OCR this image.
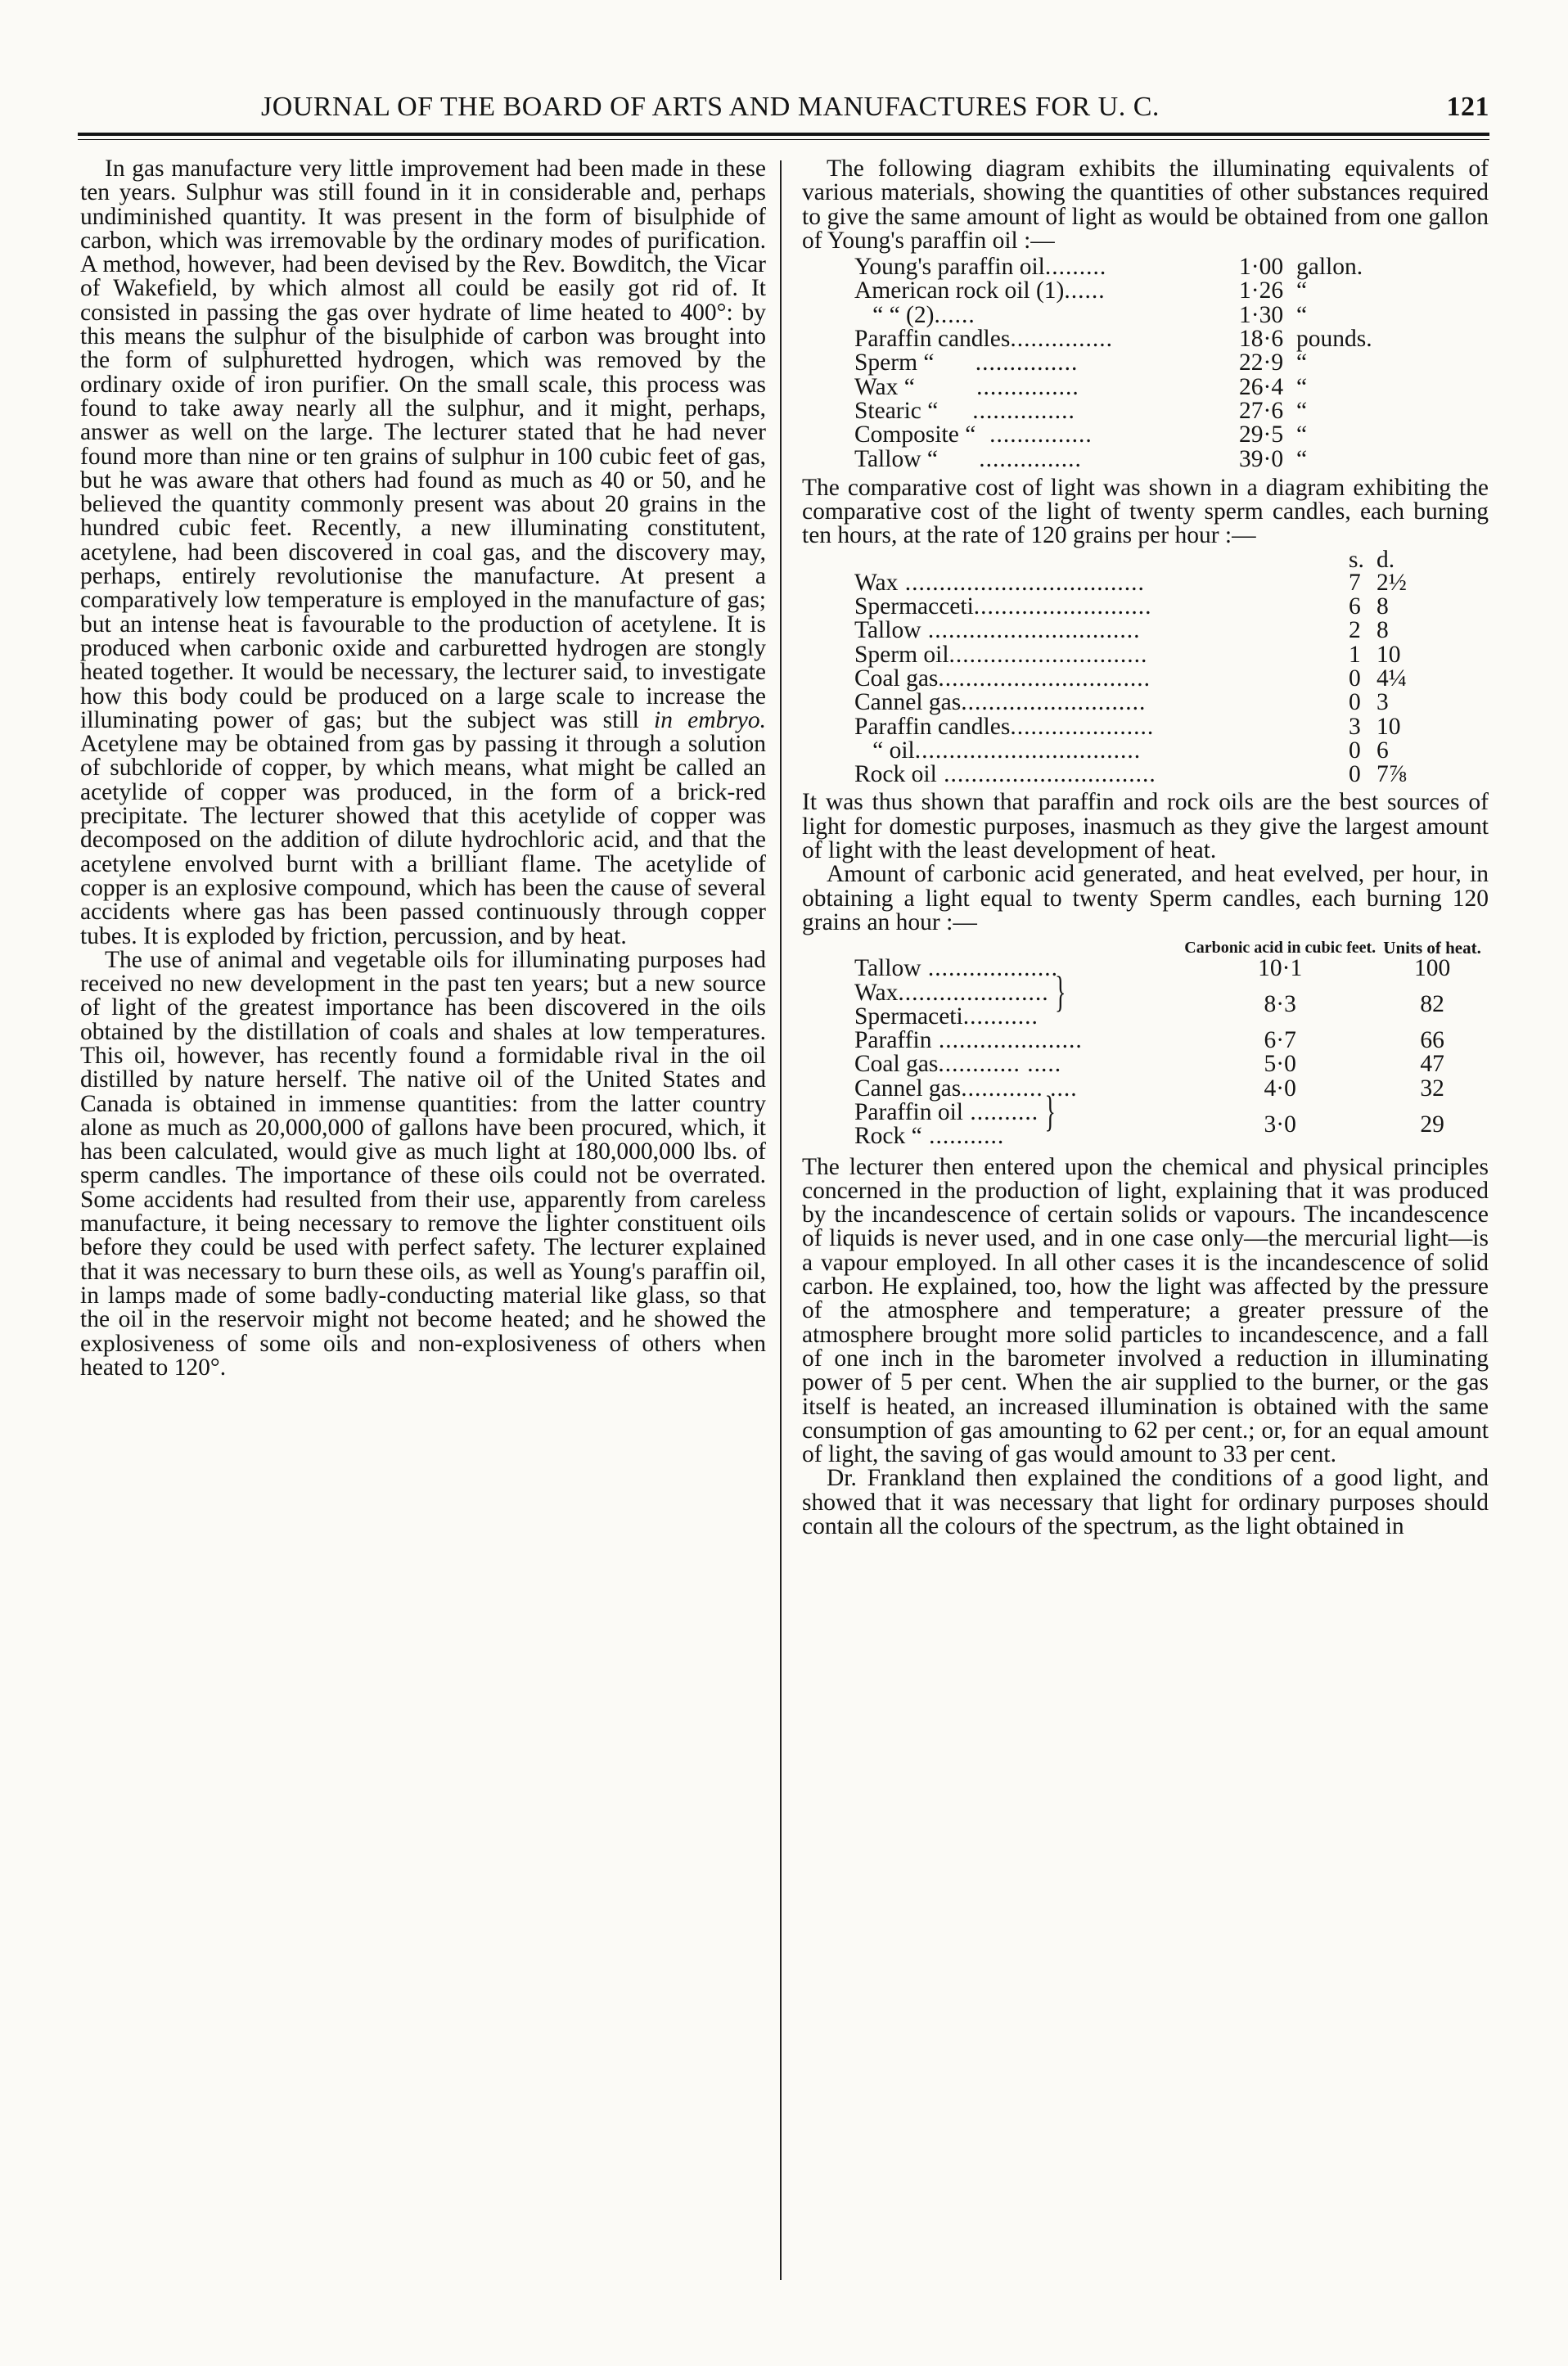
JOURNAL OF THE BOARD OF ARTS AND MANUFACTURES FOR U. C.	121

In gas manufacture very little improvement had been made in these ten years. Sulphur was still found in it in considerable and, perhaps undiminished quantity. It was present in the form of bisulphide of carbon, which was irremovable by the ordinary modes of purification. A method, however, had been devised by the Rev. Bowditch, the Vicar of Wakefield, by which almost all could be easily got rid of. It consisted in passing the gas over hydrate of lime heated to 400°: by this means the sulphur of the bisulphide of carbon was brought into the form of sulphuretted hydrogen, which was removed by the ordinary oxide of iron purifier. On the small scale, this process was found to take away nearly all the sulphur, and it might, perhaps, answer as well on the large. The lecturer stated that he had never found more than nine or ten grains of sulphur in 100 cubic feet of gas, but he was aware that others had found as much as 40 or 50, and he believed the quantity commonly present was about 20 grains in the hundred cubic feet. Recently, a new illuminating constitutent, acetylene, had been discovered in coal gas, and the discovery may, perhaps, entirely revolutionise the manufacture. At present a comparatively low temperature is employed in the manufacture of gas; but an intense heat is favourable to the production of acetylene. It is produced when carbonic oxide and carburetted hydrogen are stongly heated together. It would be necessary, the lecturer said, to investigate how this body could be produced on a large scale to increase the illuminating power of gas; but the subject was still in embryo. Acetylene may be obtained from gas by passing it through a solution of subchloride of copper, by which means, what might be called an acetylide of copper was produced, in the form of a brick-red precipitate. The lecturer showed that this acetylide of copper was decomposed on the addition of dilute hydrochloric acid, and that the acetylene envolved burnt with a brilliant flame. The acetylide of copper is an explosive compound, which has been the cause of several accidents where gas has been passed continuously through copper tubes. It is exploded by friction, percussion, and by heat.

The use of animal and vegetable oils for illuminating purposes had received no new development in the past ten years; but a new source of light of the greatest importance has been discovered in the oils obtained by the distillation of coals and shales at low temperatures. This oil, however, has recently found a formidable rival in the oil distilled by nature herself. The native oil of the United States and Canada is obtained in immense quantities: from the latter country alone as much as 20,000,000 of gallons have been procured, which, it has been calculated, would give as much light at 180,000,000 lbs. of sperm candles. The importance of these oils could not be overrated. Some accidents had resulted from their use, apparently from careless manufacture, it being necessary to remove the lighter constituent oils before they could be used with perfect safety. The lecturer explained that it was necessary to burn these oils, as well as Young's paraffin oil, in lamps made of some badly-conducting material like glass, so that the oil in the reservoir might not become heated; and he showed the explosiveness of some oils and non-explosiveness of others when heated to 120°.

The following diagram exhibits the illuminating equivalents of various materials, showing the quantities of other substances required to give the same amount of light as would be obtained from one gallon of Young's paraffin oil :—

Young's paraffin oil.........	1·00	gallon.
American rock oil (1)......	1·26	“
“ “ (2)......	1·30	“
Paraffin candles...............	18·6	pounds.
Sperm “      ...............	22·9	“
Wax “         ...............	26·4	“
Stearic “     ...............	27·6	“
Composite “  ...............	29·5	“
Tallow “      ...............	39·0	“

The comparative cost of light was shown in a diagram exhibiting the comparative cost of the light of twenty sperm candles, each burning ten hours, at the rate of 120 grains per hour :—

	s.	d.
Wax ...................................	7	2½
Spermacceti..........................	6	8
Tallow ...............................	2	8
Sperm oil.............................	1	10
Coal gas...............................	0	4¼
Cannel gas...........................	0	3
Paraffin candles.....................	3	10
“ oil.................................	0	6
Rock oil ...............................	0	7⅞

It was thus shown that paraffin and rock oils are the best sources of light for domestic purposes, inasmuch as they give the largest amount of light with the least development of heat.

Amount of carbonic acid generated, and heat evelved, per hour, in obtaining a light equal to twenty Sperm candles, each burning 120 grains an hour :—

	Carbonic acid in cubic feet.	Units of heat.
Tallow ...................	10·1	100
Wax...................... }
Spermaceti...........	8·3	82
Paraffin .....................	6·7	66
Coal gas............ .....	5·0	47
Cannel gas............ ....	4·0	32
Paraffin oil .......... }
Rock “ ...........	3·0	29

The lecturer then entered upon the chemical and physical principles concerned in the production of light, explaining that it was produced by the incandescence of certain solids or vapours. The incandescence of liquids is never used, and in one case only—the mercurial light—is a vapour employed. In all other cases it is the incandescence of solid carbon. He explained, too, how the light was affected by the pressure of the atmosphere and temperature; a greater pressure of the atmosphere brought more solid particles to incandescence, and a fall of one inch in the barometer involved a reduction in illuminating power of 5 per cent. When the air supplied to the burner, or the gas itself is heated, an increased illumination is obtained with the same consumption of gas amounting to 62 per cent.; or, for an equal amount of light, the saving of gas would amount to 33 per cent.

Dr. Frankland then explained the conditions of a good light, and showed that it was necessary that light for ordinary purposes should contain all the colours of the spectrum, as the light obtained in
